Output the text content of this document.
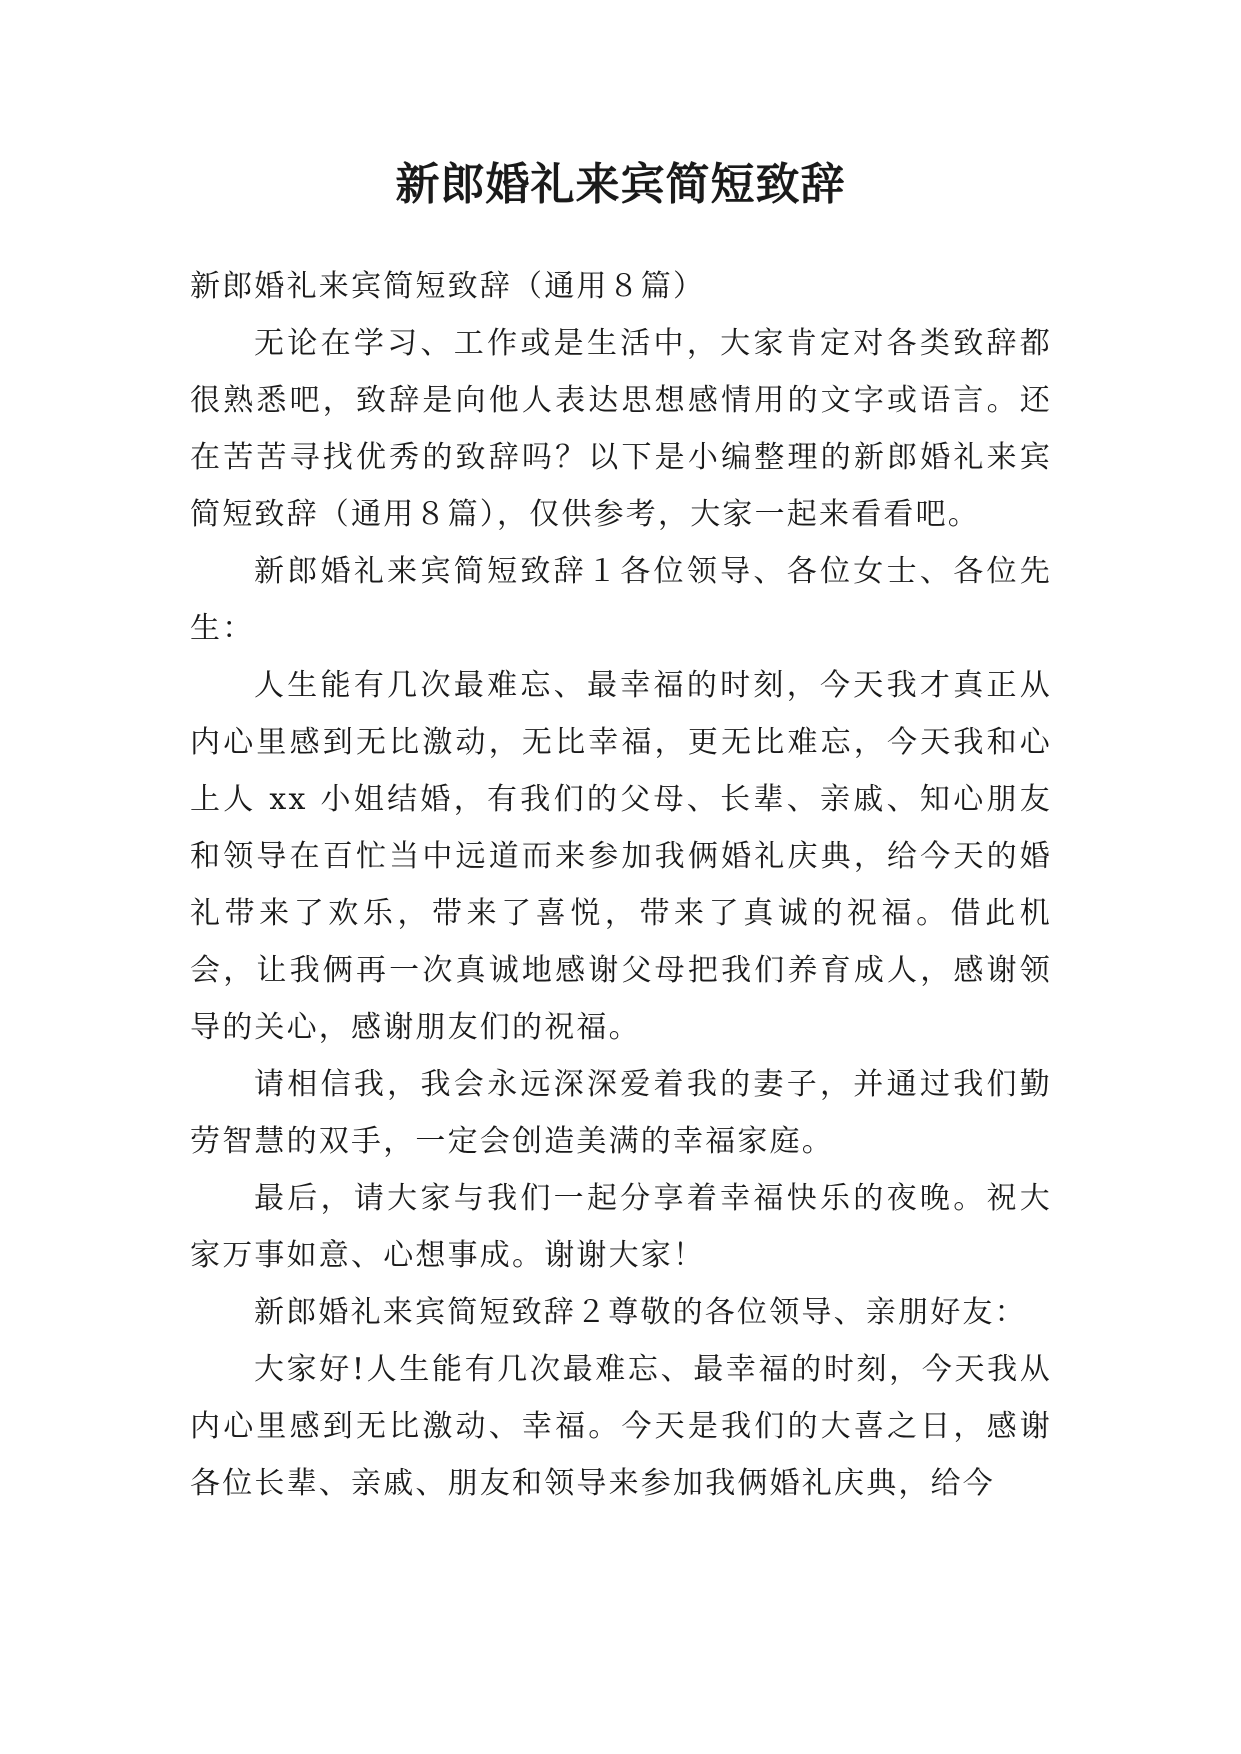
新郎婚礼来宾简短致辞

新郎婚礼来宾简短致辞（通用８篇）

无论在学习、工作或是生活中，大家肯定对各类致辞都很熟悉吧，致辞是向他人表达思想感情用的文字或语言。还在苦苦寻找优秀的致辞吗？以下是小编整理的新郎婚礼来宾简短致辞（通用８篇），仅供参考，大家一起来看看吧。

新郎婚礼来宾简短致辞１各位领导、各位女士、各位先生：

人生能有几次最难忘、最幸福的时刻，今天我才真正从内心里感到无比激动，无比幸福，更无比难忘，今天我和心上人 xx 小姐结婚，有我们的父母、长辈、亲戚、知心朋友和领导在百忙当中远道而来参加我俩婚礼庆典，给今天的婚礼带来了欢乐，带来了喜悦，带来了真诚的祝福。借此机会，让我俩再一次真诚地感谢父母把我们养育成人，感谢领导的关心，感谢朋友们的祝福。

请相信我，我会永远深深爱着我的妻子，并通过我们勤劳智慧的双手，一定会创造美满的幸福家庭。

最后，请大家与我们一起分享着幸福快乐的夜晚。祝大家万事如意、心想事成。谢谢大家！

新郎婚礼来宾简短致辞２尊敬的各位领导、亲朋好友：

大家好!人生能有几次最难忘、最幸福的时刻，今天我从内心里感到无比激动、幸福。今天是我们的大喜之日，感谢各位长辈、亲戚、朋友和领导来参加我俩婚礼庆典，给今
